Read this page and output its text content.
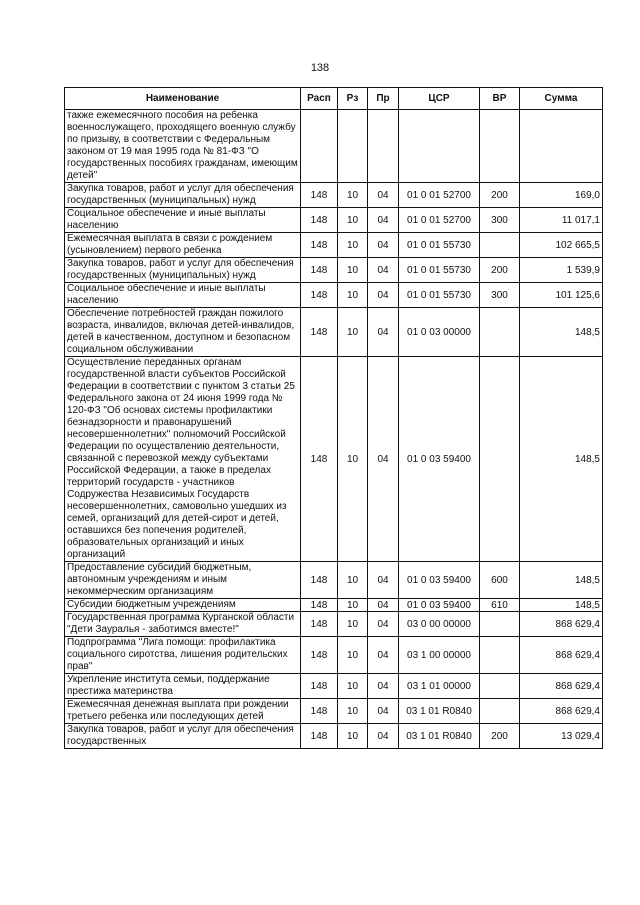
138
Наименование	Расп	Рз	Пр	ЦСР	ВР	Сумма
также ежемесячного пособия на ребенка военнослужащего, проходящего военную службу по призыву, в соответствии с Федеральным законом от 19 мая 1995 года № 81-ФЗ "О государственных пособиях гражданам, имеющим детей"						
Закупка товаров, работ и услуг для обеспечения государственных (муниципальных) нужд	148	10	04	01 0 01 52700	200	169,0
Социальное обеспечение и иные выплаты населению	148	10	04	01 0 01 52700	300	11 017,1
Ежемесячная выплата в связи с рождением (усыновлением) первого ребенка	148	10	04	01 0 01 55730		102 665,5
Закупка товаров, работ и услуг для обеспечения государственных (муниципальных) нужд	148	10	04	01 0 01 55730	200	1 539,9
Социальное обеспечение и иные выплаты населению	148	10	04	01 0 01 55730	300	101 125,6
Обеспечение потребностей граждан пожилого возраста, инвалидов, включая детей-инвалидов, детей в качественном, доступном и безопасном социальном обслуживании	148	10	04	01 0 03 00000		148,5
Осуществление переданных органам государственной власти субъектов Российской Федерации в соответствии с пунктом 3 статьи 25 Федерального закона от 24 июня 1999 года № 120-ФЗ "Об основах системы профилактики безнадзорности и правонарушений несовершеннолетних" полномочий Российской Федерации по осуществлению деятельности, связанной с перевозкой между субъектами Российской Федерации, а также в пределах территорий государств - участников Содружества Независимых Государств несовершеннолетних, самовольно ушедших из семей, организаций для детей-сирот и детей, оставшихся без попечения родителей, образовательных организаций и иных организаций	148	10	04	01 0 03 59400		148,5
Предоставление субсидий бюджетным, автономным учреждениям и иным некоммерческим организациям	148	10	04	01 0 03 59400	600	148,5
Субсидии бюджетным учреждениям	148	10	04	01 0 03 59400	610	148,5
Государственная программа Курганской области "Дети Зауралья - заботимся вместе!"	148	10	04	03 0 00 00000		868 629,4
Подпрограмма "Лига помощи: профилактика социального сиротства, лишения родительских прав"	148	10	04	03 1 00 00000		868 629,4
Укрепление института семьи, поддержание престижа материнства	148	10	04	03 1 01 00000		868 629,4
Ежемесячная денежная выплата при рождении третьего ребенка или последующих детей	148	10	04	03 1 01 R0840		868 629,4
Закупка товаров, работ и услуг для обеспечения государственных	148	10	04	03 1 01 R0840	200	13 029,4
